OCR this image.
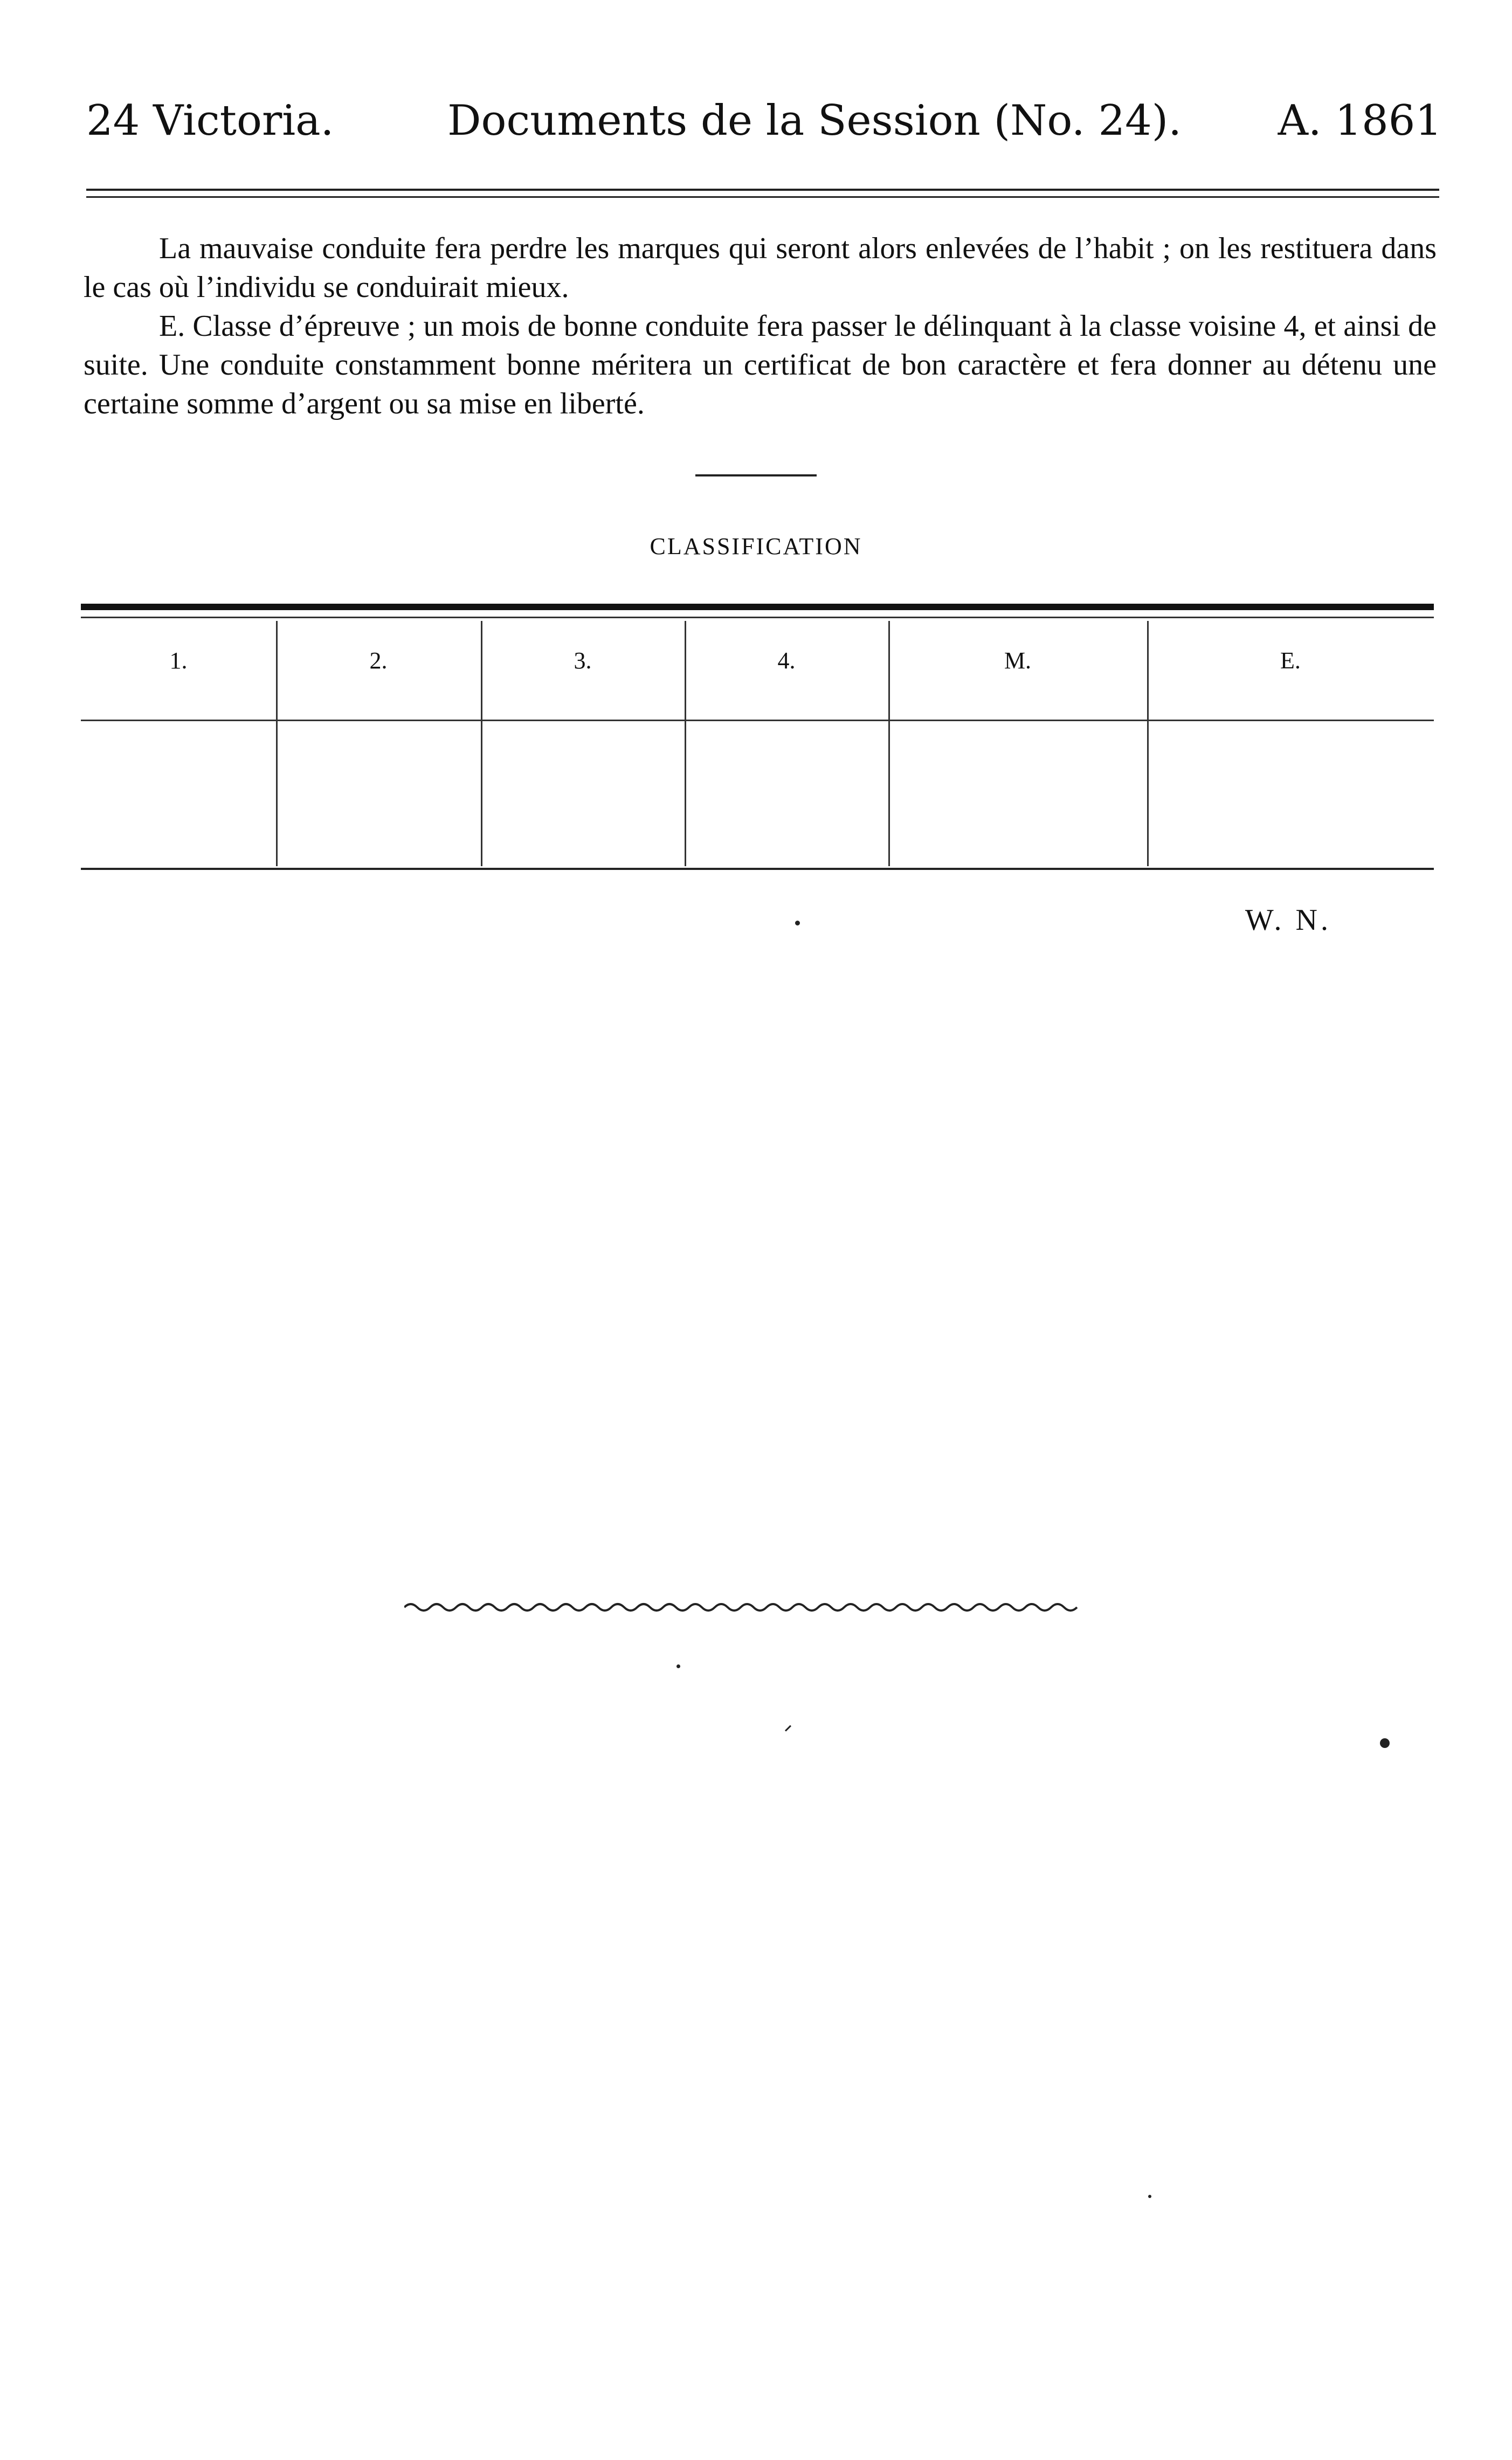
24 Victoria.	Documents de la Session (No. 24). A. 1861

La mauvaise conduite fera perdre les marques qui seront alors enlevées de l’habit ; on les restituera dans le cas où l’individu se conduirait mieux.

E. Classe d’épreuve ; un mois de bonne conduite fera passer le délinquant à la classe voisine 4, et ainsi de suite. Une conduite constamment bonne méritera un certificat de bon caractère et fera donner au détenu une certaine somme d’argent ou sa mise en liberté.

CLASSIFICATION
1.	2.	3.	4.	M.	E.
W. N.
